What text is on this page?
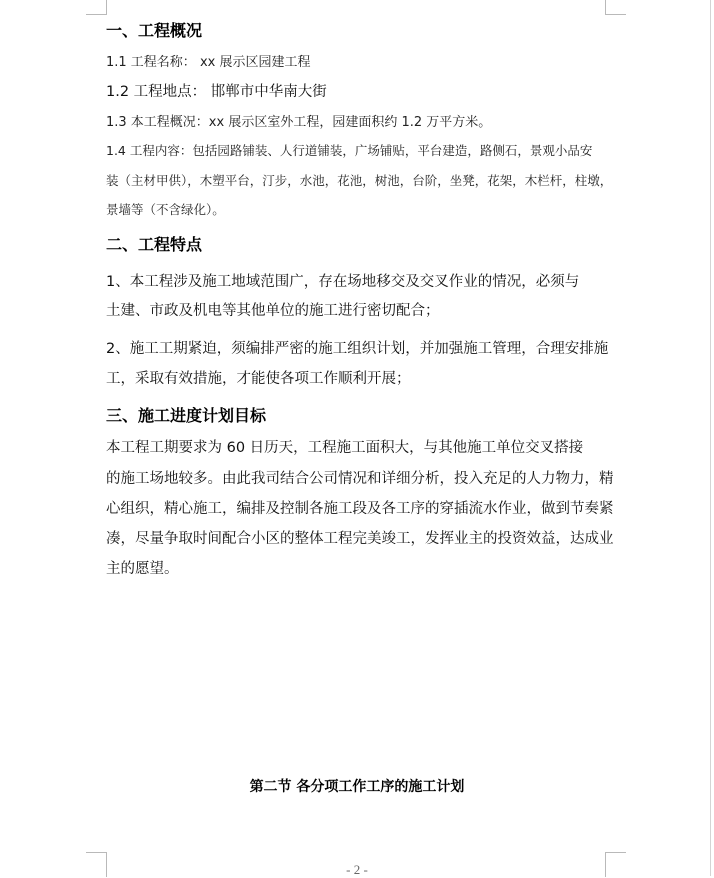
一、工程概况

1.1 工程名称： xx 展示区园建工程

1.2 工程地点： 邯郸市中华南大街

1.3 本工程概况：xx 展示区室外工程，园建面积约 1.2 万平方米。

1.4 工程内容：包括园路铺装、人行道铺装，广场铺贴，平台建造，路侧石，景观小品安

装（主材甲供），木塑平台，汀步，水池，花池，树池，台阶，坐凳，花架，木栏杆，柱墩，

景墙等（不含绿化）。

二、工程特点

1、本工程涉及施工地域范围广，存在场地移交及交叉作业的情况，必须与

土建、市政及机电等其他单位的施工进行密切配合；

2、施工工期紧迫，须编排严密的施工组织计划，并加强施工管理，合理安排施

工，采取有效措施，才能使各项工作顺利开展；

三、施工进度计划目标

本工程工期要求为 60 日历天，工程施工面积大，与其他施工单位交叉搭接

的施工场地较多。由此我司结合公司情况和详细分析，投入充足的人力物力，精

心组织，精心施工，编排及控制各施工段及各工序的穿插流水作业，做到节奏紧

凑，尽量争取时间配合小区的整体工程完美竣工，发挥业主的投资效益，达成业

主的愿望。

第二节 各分项工作工序的施工计划
- 2 -
